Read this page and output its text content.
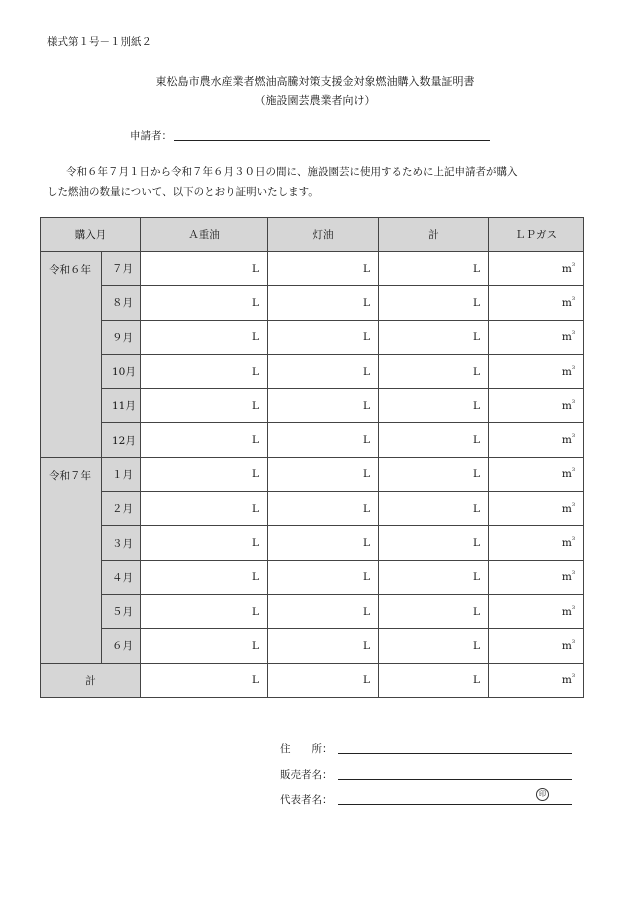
様式第１号－１別紙２
東松島市農水産業者燃油高騰対策支援金対象燃油購入数量証明書
（施設園芸農業者向け）
申請者：
令和６年７月１日から令和７年６月３０日の間に、施設園芸に使用するために上記申請者が購入
した燃油の数量について、以下のとおり証明いたします。
購入月		Ａ重油	灯油	計	ＬＰガス
令和６年	７月	L	L	L	$m^3$
	８月	L	L	L	$m^3$
	９月	L	L	L	$m^3$
	10月	L	L	L	$m^3$
	11月	L	L	L	$m^3$
	12月	L	L	L	$m^3$
令和７年	１月	L	L	L	$m^3$
	２月	L	L	L	$m^3$
	３月	L	L	L	$m^3$
	４月	L	L	L	$m^3$
	５月	L	L	L	$m^3$
	６月	L	L	L	$m^3$
計		L	L	L	$m^3$
住　　所：
販売者名：
代表者名：	印
